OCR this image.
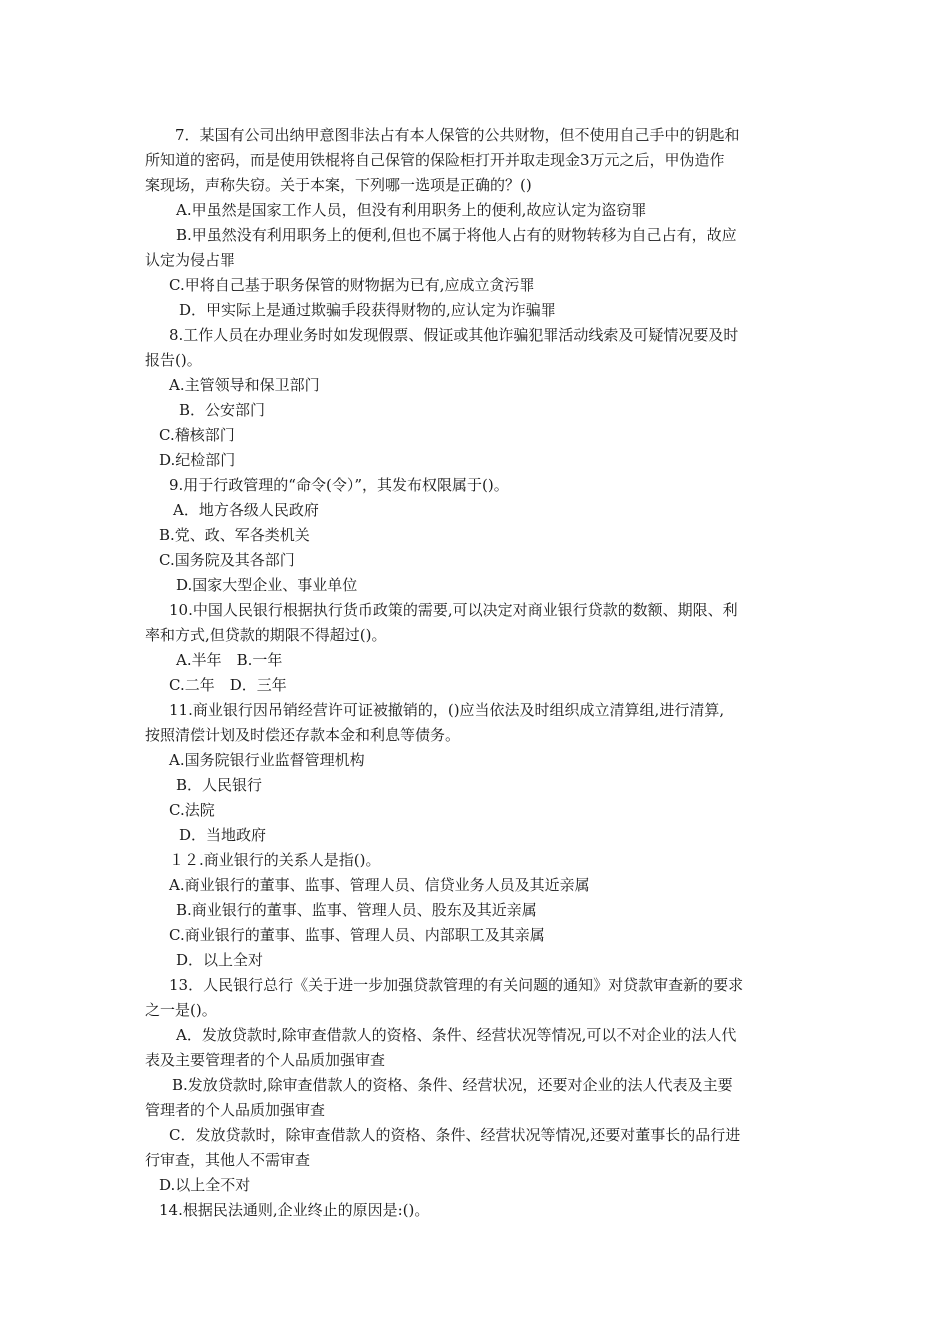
7．某国有公司出纳甲意图非法占有本人保管的公共财物，但不使用自己手中的钥匙和
所知道的密码，而是使用铁棍将自己保管的保险柜打开并取走现金3万元之后，甲伪造作
案现场，声称失窃。关于本案，下列哪一选项是正确的？()
A.甲虽然是国家工作人员，但没有利用职务上的便利,故应认定为盗窃罪
B.甲虽然没有利用职务上的便利,但也不属于将他人占有的财物转移为自己占有，故应
认定为侵占罪
C.甲将自己基于职务保管的财物据为已有,应成立贪污罪
D．甲实际上是通过欺骗手段获得财物的,应认定为诈骗罪
8.工作人员在办理业务时如发现假票、假证或其他诈骗犯罪活动线索及可疑情况要及时
报告()。
A.主管领导和保卫部门
B．公安部门
C.稽核部门
D.纪检部门
9.用于行政管理的“命令(令）”，其发布权限属于()。
A．地方各级人民政府
B.党、政、军各类机关
C.国务院及其各部门
D.国家大型企业、事业单位
10.中国人民银行根据执行货币政策的需要,可以决定对商业银行贷款的数额、期限、利
率和方式,但贷款的期限不得超过()。
A.半年　B.一年
C.二年　D．三年
11.商业银行因吊销经营许可证被撤销的，()应当依法及时组织成立清算组,进行清算,
按照清偿计划及时偿还存款本金和利息等债务。
A.国务院银行业监督管理机构
B．人民银行
C.法院
D．当地政府
１２.商业银行的关系人是指()。
A.商业银行的董事、监事、管理人员、信贷业务人员及其近亲属
B.商业银行的董事、监事、管理人员、股东及其近亲属
C.商业银行的董事、监事、管理人员、内部职工及其亲属
D．以上全对
13．人民银行总行《关于进一步加强贷款管理的有关问题的通知》对贷款审查新的要求
之一是()。
A．发放贷款时,除审查借款人的资格、条件、经营状况等情况,可以不对企业的法人代
表及主要管理者的个人品质加强审查
B.发放贷款时,除审查借款人的资格、条件、经营状况，还要对企业的法人代表及主要
管理者的个人品质加强审查
C．发放贷款时，除审查借款人的资格、条件、经营状况等情况,还要对董事长的品行进
行审查，其他人不需审查
D.以上全不对
14.根据民法通则,企业终止的原因是:()。
